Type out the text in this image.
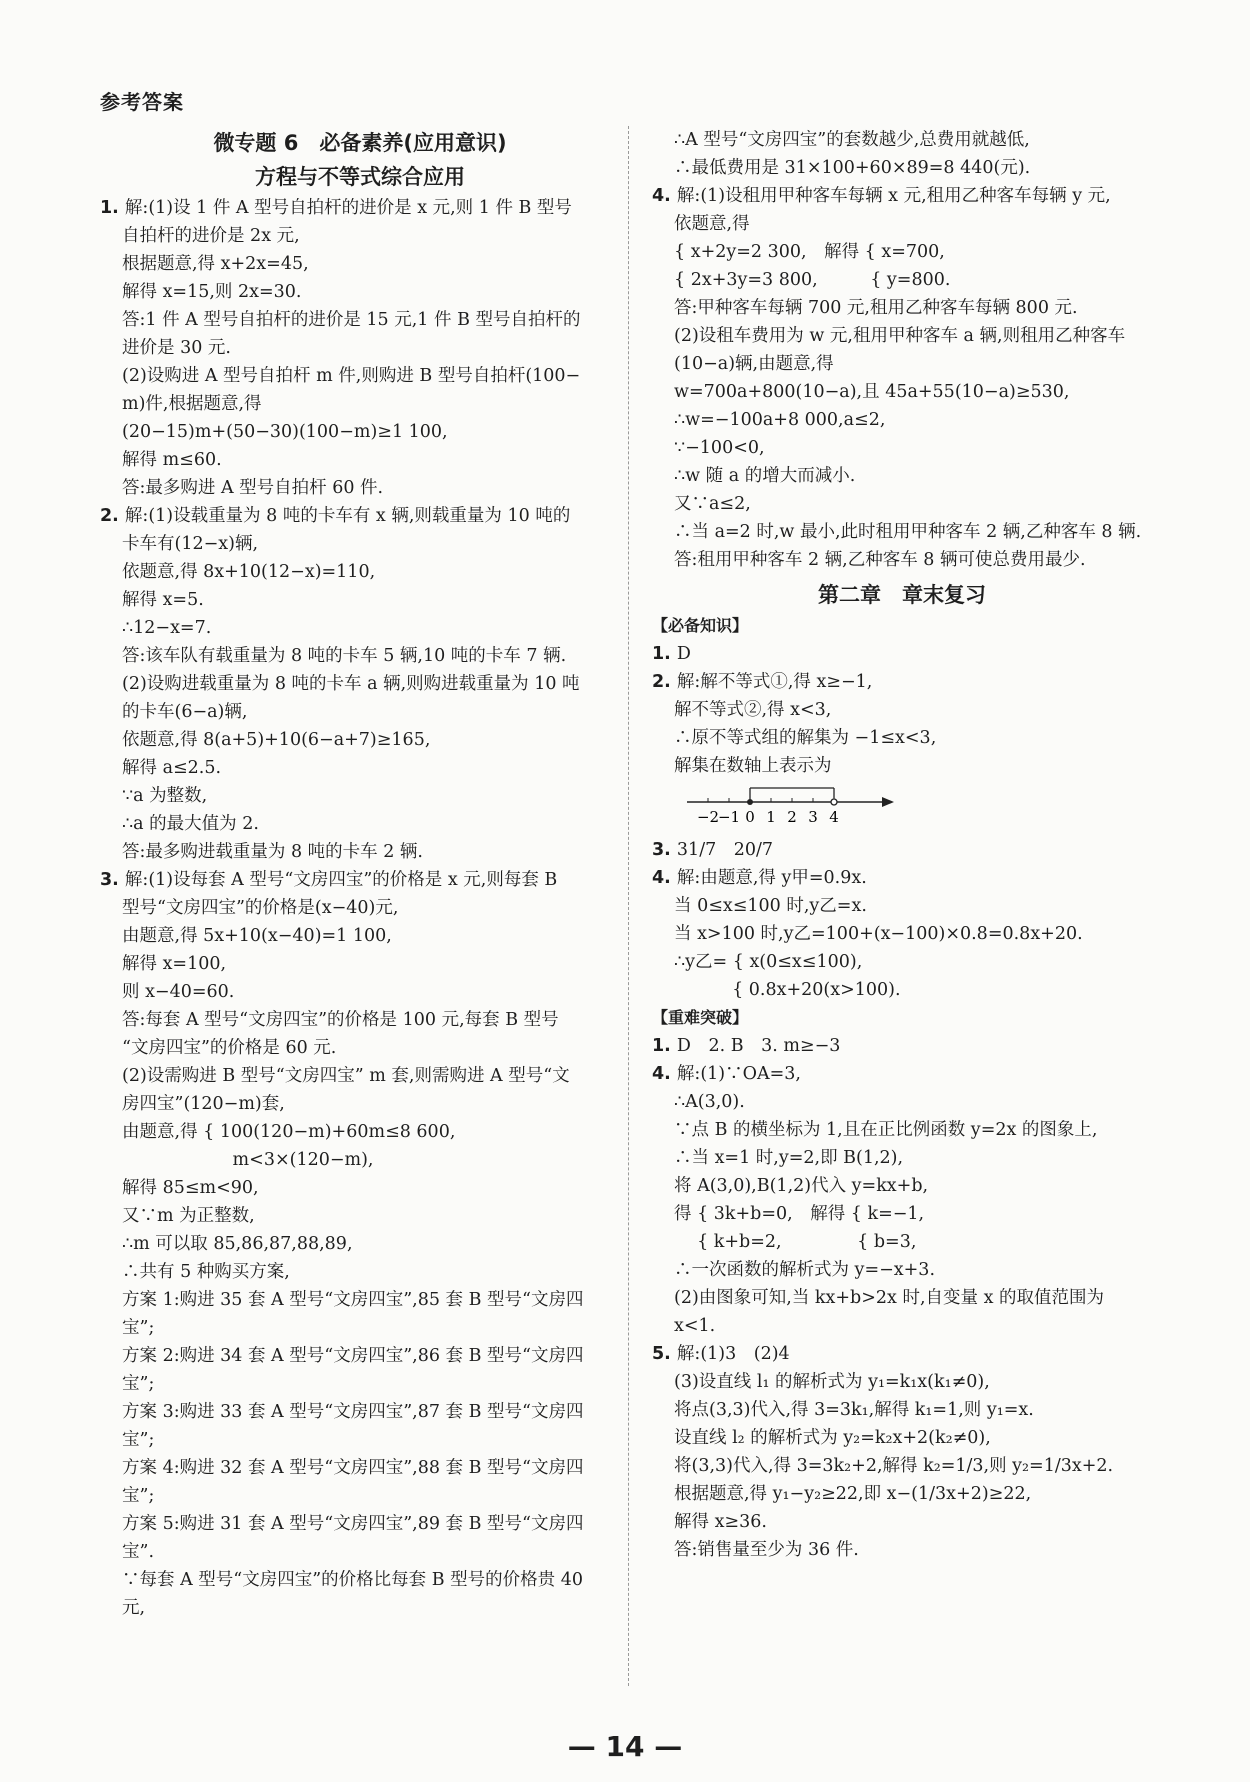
参考答案
微专题 6　必备素养(应用意识)
方程与不等式综合应用
1. 解:(1)设 1 件 A 型号自拍杆的进价是 x 元,则 1 件 B 型号
自拍杆的进价是 2x 元,
根据题意,得 x+2x=45,
解得 x=15,则 2x=30.
答:1 件 A 型号自拍杆的进价是 15 元,1 件 B 型号自拍杆的
进价是 30 元.
(2)设购进 A 型号自拍杆 m 件,则购进 B 型号自拍杆(100−
m)件,根据题意,得
(20−15)m+(50−30)(100−m)≥1 100,
解得 m≤60.
答:最多购进 A 型号自拍杆 60 件.
2. 解:(1)设载重量为 8 吨的卡车有 x 辆,则载重量为 10 吨的
卡车有(12−x)辆,
依题意,得 8x+10(12−x)=110,
解得 x=5.
∴12−x=7.
答:该车队有载重量为 8 吨的卡车 5 辆,10 吨的卡车 7 辆.
(2)设购进载重量为 8 吨的卡车 a 辆,则购进载重量为 10 吨
的卡车(6−a)辆,
依题意,得 8(a+5)+10(6−a+7)≥165,
解得 a≤2.5.
∵a 为整数,
∴a 的最大值为 2.
答:最多购进载重量为 8 吨的卡车 2 辆.
3. 解:(1)设每套 A 型号“文房四宝”的价格是 x 元,则每套 B
型号“文房四宝”的价格是(x−40)元,
由题意,得 5x+10(x−40)=1 100,
解得 x=100,
则 x−40=60.
答:每套 A 型号“文房四宝”的价格是 100 元,每套 B 型号
“文房四宝”的价格是 60 元.
(2)设需购进 B 型号“文房四宝” m 套,则需购进 A 型号“文
房四宝”(120−m)套,
由题意,得 { 100(120−m)+60m≤8 600,
　　　　　　 m<3×(120−m),
解得 85≤m<90,
又∵m 为正整数,
∴m 可以取 85,86,87,88,89,
∴共有 5 种购买方案,
方案 1:购进 35 套 A 型号“文房四宝”,85 套 B 型号“文房四
宝”;
方案 2:购进 34 套 A 型号“文房四宝”,86 套 B 型号“文房四
宝”;
方案 3:购进 33 套 A 型号“文房四宝”,87 套 B 型号“文房四
宝”;
方案 4:购进 32 套 A 型号“文房四宝”,88 套 B 型号“文房四
宝”;
方案 5:购进 31 套 A 型号“文房四宝”,89 套 B 型号“文房四
宝”.
∵每套 A 型号“文房四宝”的价格比每套 B 型号的价格贵 40
元,
∴A 型号“文房四宝”的套数越少,总费用就越低,
∴最低费用是 31×100+60×89=8 440(元).
4. 解:(1)设租用甲种客车每辆 x 元,租用乙种客车每辆 y 元,
依题意,得
{ x+2y=2 300,　解得 { x=700,
{ 2x+3y=3 800,　　　{ y=800.
答:甲种客车每辆 700 元,租用乙种客车每辆 800 元.
(2)设租车费用为 w 元,租用甲种客车 a 辆,则租用乙种客车
(10−a)辆,由题意,得
w=700a+800(10−a),且 45a+55(10−a)≥530,
∴w=−100a+8 000,a≤2,
∵−100<0,
∴w 随 a 的增大而减小.
又∵a≤2,
∴当 a=2 时,w 最小,此时租用甲种客车 2 辆,乙种客车 8 辆.
答:租用甲种客车 2 辆,乙种客车 8 辆可使总费用最少.
第二章　章末复习
【必备知识】
1. D
2. 解:解不等式①,得 x≥−1,
解不等式②,得 x<3,
∴原不等式组的解集为 −1≤x<3,
解集在数轴上表示为
−2
−1 0 1 2 3 4
3. 31/7　20/7
4. 解:由题意,得 y甲=0.9x.
当 0≤x≤100 时,y乙=x.
当 x>100 时,y乙=100+(x−100)×0.8=0.8x+20.
∴y乙= { x(0≤x≤100),
　　　 { 0.8x+20(x>100).
【重难突破】
1. D　2. B　3. m≥−3
4. 解:(1)∵OA=3,
∴A(3,0).
∵点 B 的横坐标为 1,且在正比例函数 y=2x 的图象上,
∴当 x=1 时,y=2,即 B(1,2),
将 A(3,0),B(1,2)代入 y=kx+b,
得 { 3k+b=0,　解得 { k=−1,
　 { k+b=2,　　　　 { b=3,
∴一次函数的解析式为 y=−x+3.
(2)由图象可知,当 kx+b>2x 时,自变量 x 的取值范围为
x<1.
5. 解:(1)3　(2)4
(3)设直线 l₁ 的解析式为 y₁=k₁x(k₁≠0),
将点(3,3)代入,得 3=3k₁,解得 k₁=1,则 y₁=x.
设直线 l₂ 的解析式为 y₂=k₂x+2(k₂≠0),
将(3,3)代入,得 3=3k₂+2,解得 k₂=1/3,则 y₂=1/3x+2.
根据题意,得 y₁−y₂≥22,即 x−(1/3x+2)≥22,
解得 x≥36.
答:销售量至少为 36 件.
— 14 —
